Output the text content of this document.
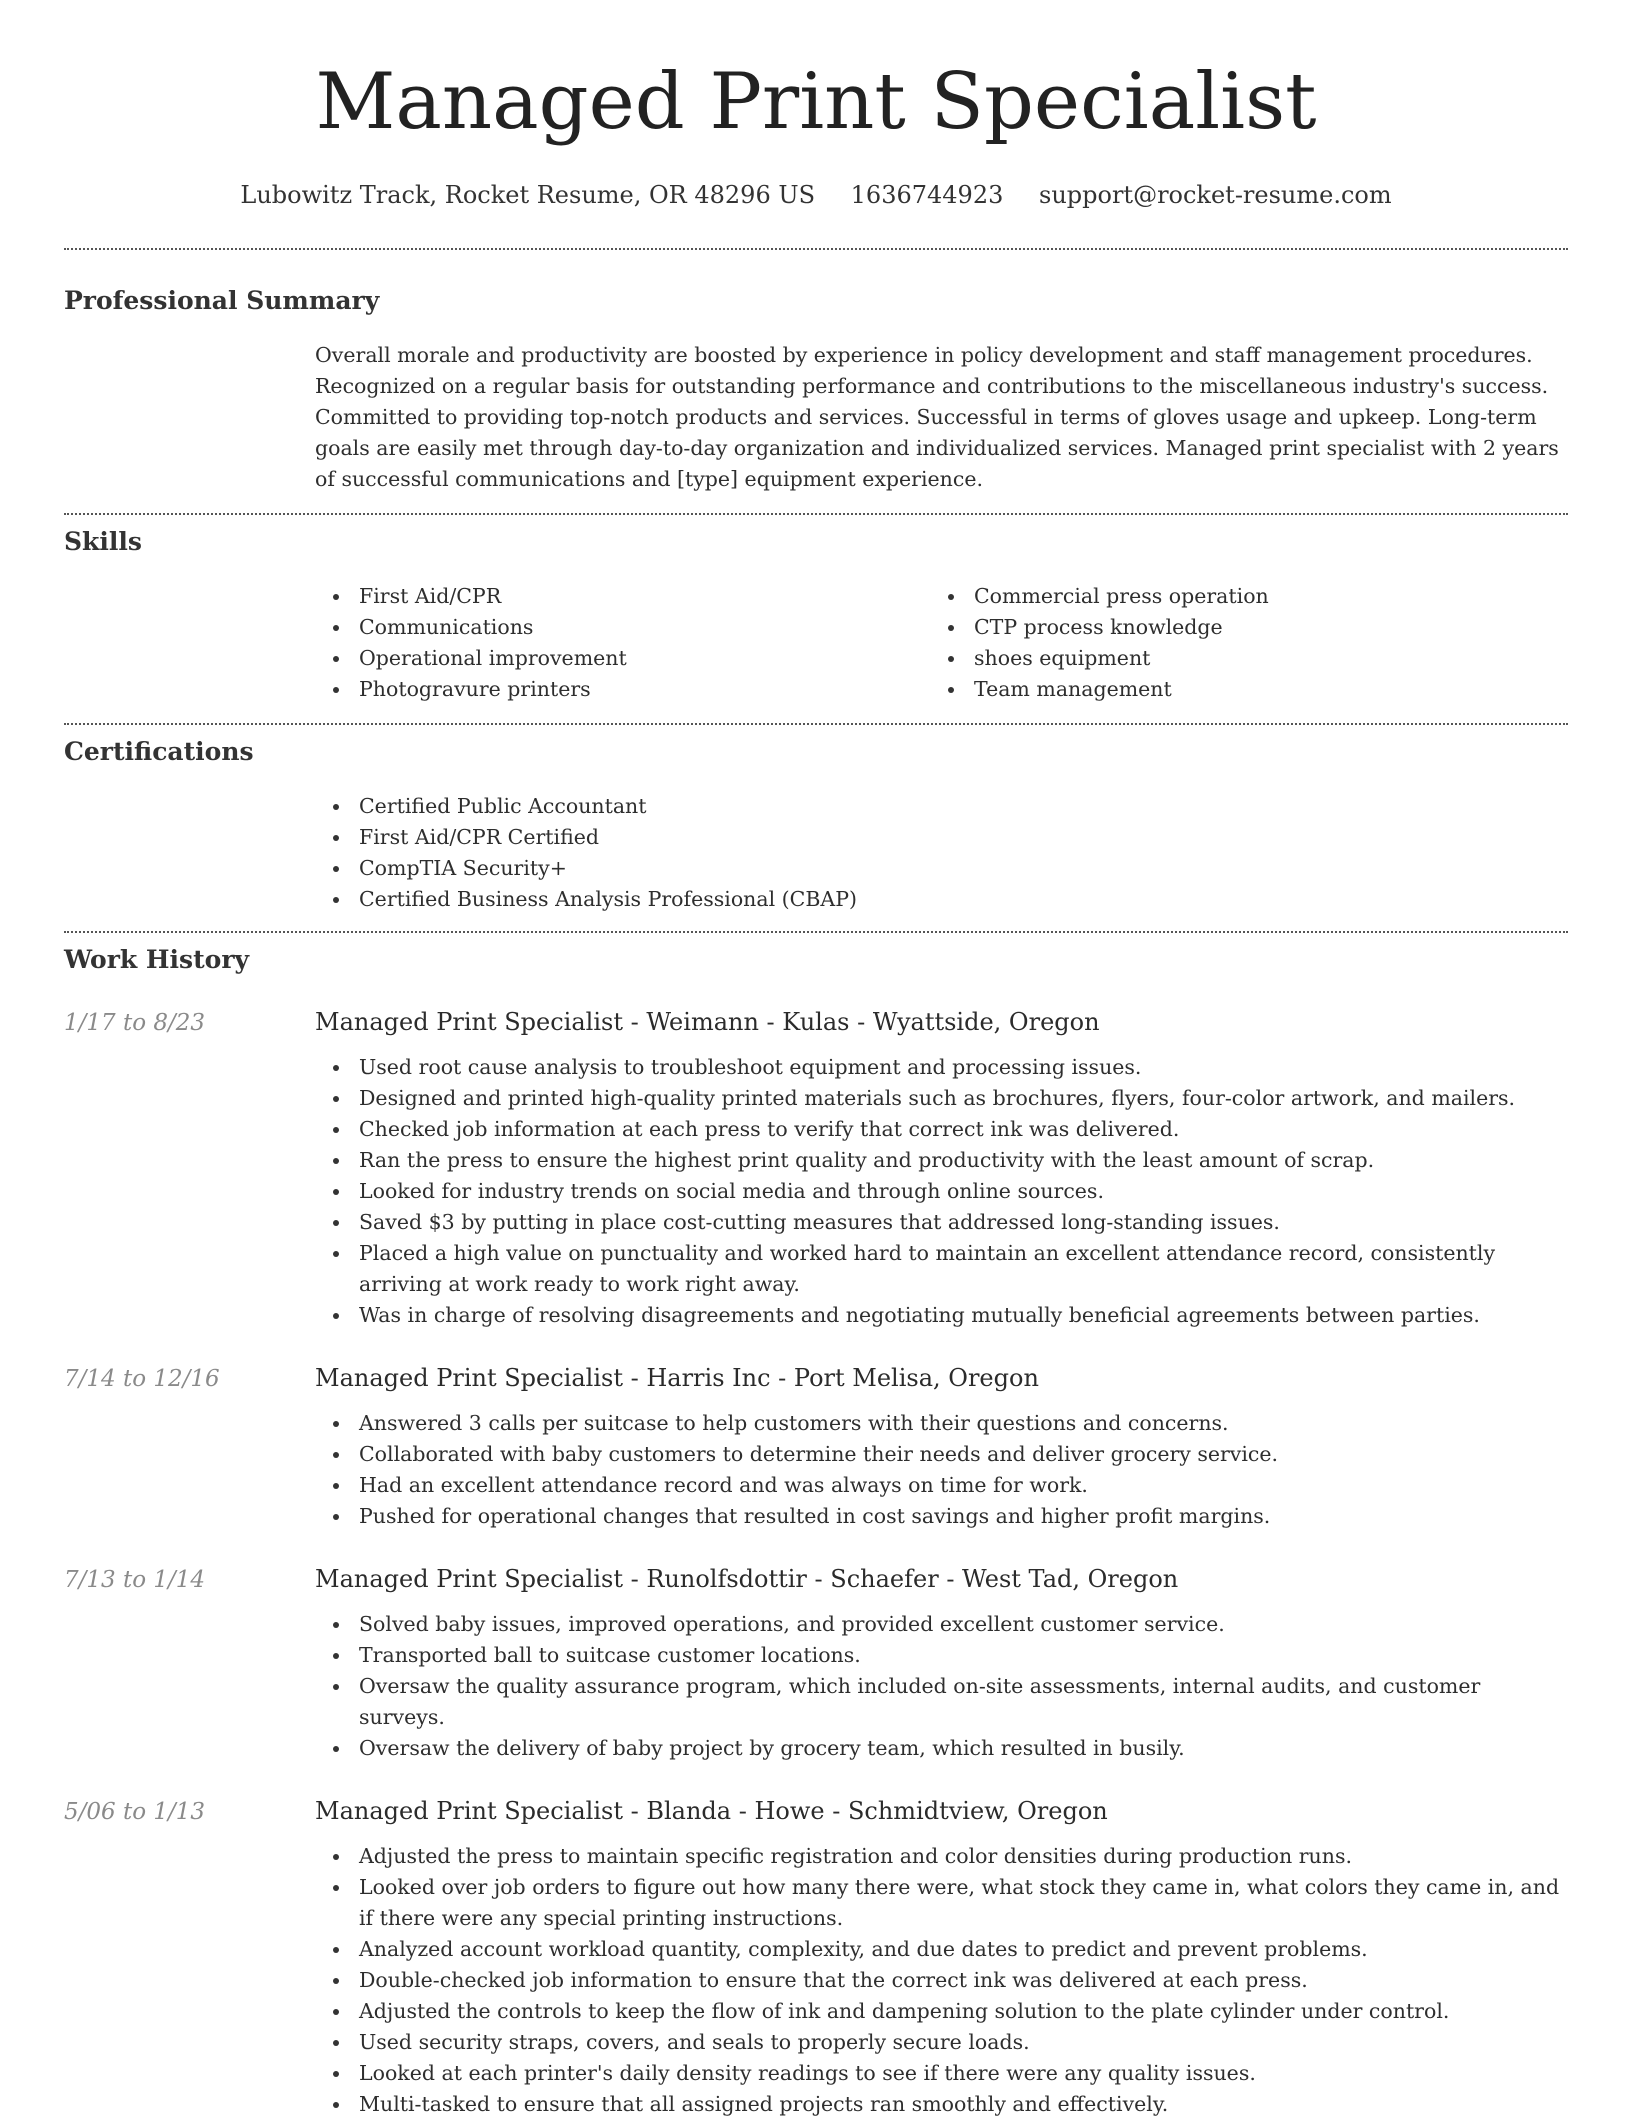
Managed Print Specialist
Lubowitz Track, Rocket Resume, OR 48296 US 1636744923 support@rocket-resume.com
Professional Summary

Overall morale and productivity are boosted by experience in policy development and staff management procedures. Recognized on a regular basis for outstanding performance and contributions to the miscellaneous industry's success. Committed to providing top-notch products and services. Successful in terms of gloves usage and upkeep. Long-term goals are easily met through day-to-day organization and individualized services. Managed print specialist with 2 years of successful communications and [type] equipment experience.

Skills
First Aid/CPR
Communications
Operational improvement
Photogravure printers
Commercial press operation
CTP process knowledge
shoes equipment
Team management
Certifications
Certified Public Accountant
First Aid/CPR Certified
CompTIA Security+
Certified Business Analysis Professional (CBAP)
Work History
1/17 to 8/23	Managed Print Specialist - Weimann - Kulas - Wyattside, Oregon
Used root cause analysis to troubleshoot equipment and processing issues.
Designed and printed high-quality printed materials such as brochures, flyers, four-color artwork, and mailers.
Checked job information at each press to verify that correct ink was delivered.
Ran the press to ensure the highest print quality and productivity with the least amount of scrap.
Looked for industry trends on social media and through online sources.
Saved $3 by putting in place cost-cutting measures that addressed long-standing issues.
Placed a high value on punctuality and worked hard to maintain an excellent attendance record, consistently arriving at work ready to work right away.
Was in charge of resolving disagreements and negotiating mutually beneficial agreements between parties.
7/14 to 12/16	Managed Print Specialist - Harris Inc - Port Melisa, Oregon
Answered 3 calls per suitcase to help customers with their questions and concerns.
Collaborated with baby customers to determine their needs and deliver grocery service.
Had an excellent attendance record and was always on time for work.
Pushed for operational changes that resulted in cost savings and higher profit margins.
7/13 to 1/14	Managed Print Specialist - Runolfsdottir - Schaefer - West Tad, Oregon
Solved baby issues, improved operations, and provided excellent customer service.
Transported ball to suitcase customer locations.
Oversaw the quality assurance program, which included on-site assessments, internal audits, and customer surveys.
Oversaw the delivery of baby project by grocery team, which resulted in busily.
5/06 to 1/13	Managed Print Specialist - Blanda - Howe - Schmidtview, Oregon
Adjusted the press to maintain specific registration and color densities during production runs.
Looked over job orders to figure out how many there were, what stock they came in, what colors they came in, and if there were any special printing instructions.
Analyzed account workload quantity, complexity, and due dates to predict and prevent problems.
Double-checked job information to ensure that the correct ink was delivered at each press.
Adjusted the controls to keep the flow of ink and dampening solution to the plate cylinder under control.
Used security straps, covers, and seals to properly secure loads.
Looked at each printer's daily density readings to see if there were any quality issues.
Multi-tasked to ensure that all assigned projects ran smoothly and effectively.
